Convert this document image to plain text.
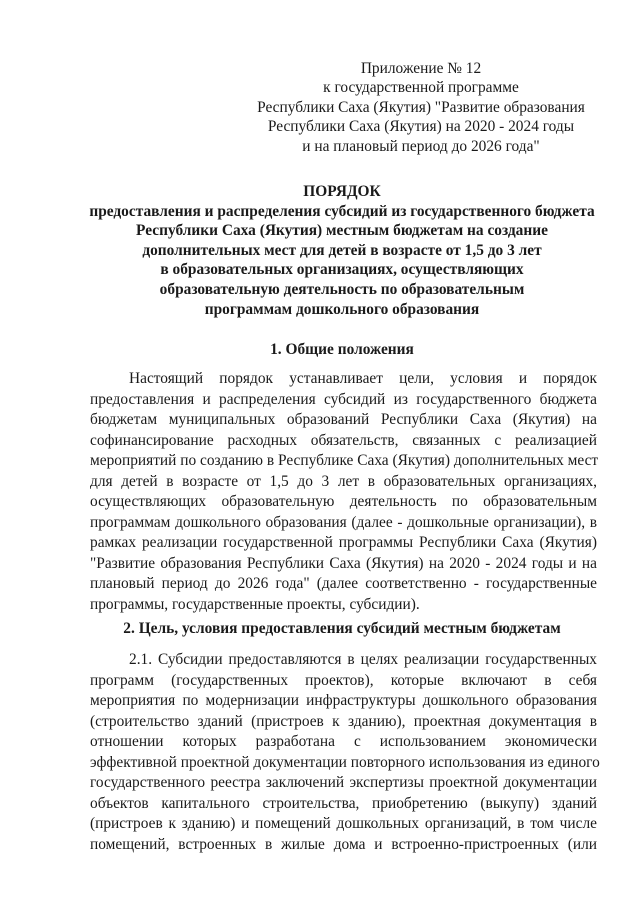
Приложение № 12
к государственной программе
Республики Саха (Якутия) "Развитие образования
Республики Саха (Якутия) на 2020 - 2024 годы
и на плановый период до 2026 года"
ПОРЯДОК
предоставления и распределения субсидий из государственного бюджета
Республики Саха (Якутия) местным бюджетам на создание
дополнительных мест для детей в возрасте от 1,5 до 3 лет
в образовательных организациях, осуществляющих
образовательную деятельность по образовательным
программам дошкольного образования
1. Общие положения
Настоящий порядок устанавливает цели, условия и порядок
предоставления и распределения субсидий из государственного бюджета
бюджетам муниципальных образований Республики Саха (Якутия) на
софинансирование расходных обязательств, связанных с реализацией
мероприятий по созданию в Республике Саха (Якутия) дополнительных мест
для детей в возрасте от 1,5 до 3 лет в образовательных организациях,
осуществляющих образовательную деятельность по образовательным
программам дошкольного образования (далее - дошкольные организации), в
рамках реализации государственной программы Республики Саха (Якутия)
"Развитие образования Республики Саха (Якутия) на 2020 - 2024 годы и на
плановый период до 2026 года" (далее соответственно - государственные
программы, государственные проекты, субсидии).
2. Цель, условия предоставления субсидий местным бюджетам
2.1. Субсидии предоставляются в целях реализации государственных
программ (государственных проектов), которые включают в себя
мероприятия по модернизации инфраструктуры дошкольного образования
(строительство зданий (пристроев к зданию), проектная документация в
отношении которых разработана с использованием экономически
эффективной проектной документации повторного использования из единого
государственного реестра заключений экспертизы проектной документации
объектов капитального строительства, приобретению (выкупу) зданий
(пристроев к зданию) и помещений дошкольных организаций, в том числе
помещений, встроенных в жилые дома и встроенно-пристроенных (или
